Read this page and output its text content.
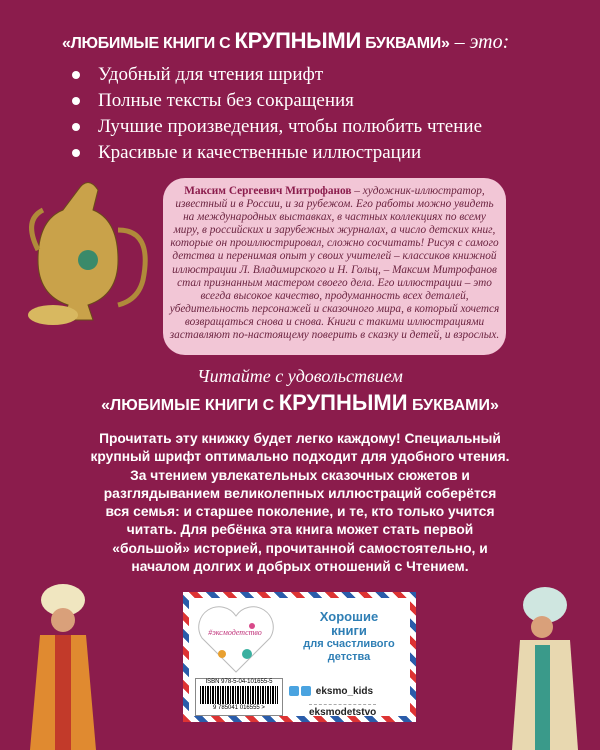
«ЛЮБИМЫЕ КНИГИ С КРУПНЫМИ БУКВАМИ» – это:
Удобный для чтения шрифт
Полные тексты без сокращения
Лучшие произведения, чтобы полюбить чтение
Красивые и качественные иллюстрации
Максим Сергеевич Митрофанов – художник-иллюстратор, известный и в России, и за рубежом. Его работы можно увидеть на международных выставках, в частных коллекциях по всему миру, в российских и зарубежных журналах, а число детских книг, которые он проиллюстрировал, сложно сосчитать! Рисуя с самого детства и перенимая опыт у своих учителей – классиков книжной иллюстрации Л. Владимирского и Н. Гольц, – Максим Митрофанов стал признанным мастером своего дела. Его иллюстрации – это всегда высокое качество, продуманность всех деталей, убедительность персонажей и сказочного мира, в который хочется возвращаться снова и снова. Книги с такими иллюстрациями заставляют по-настоящему поверить в сказку и детей, и взрослых.
Читайте с удовольствием
«ЛЮБИМЫЕ КНИГИ С КРУПНЫМИ БУКВАМИ»
Прочитать эту книжку будет легко каждому! Специальный крупный шрифт оптимально подходит для удобного чтения. За чтением увлекательных сказочных сюжетов и разглядыванием великолепных иллюстраций соберётся вся семья: и старшее поколение, и те, кто только учится читать. Для ребёнка эта книга может стать первой «большой» историей, прочитанной самостоятельно, и началом долгих и добрых отношений с Чтением.
#эксмодетство
Хорошие
книги
для счастливого
детства
ISBN 978-5-04-101655-5
9 785041 016555 >
eksmo_kids
eksmodetstvo
